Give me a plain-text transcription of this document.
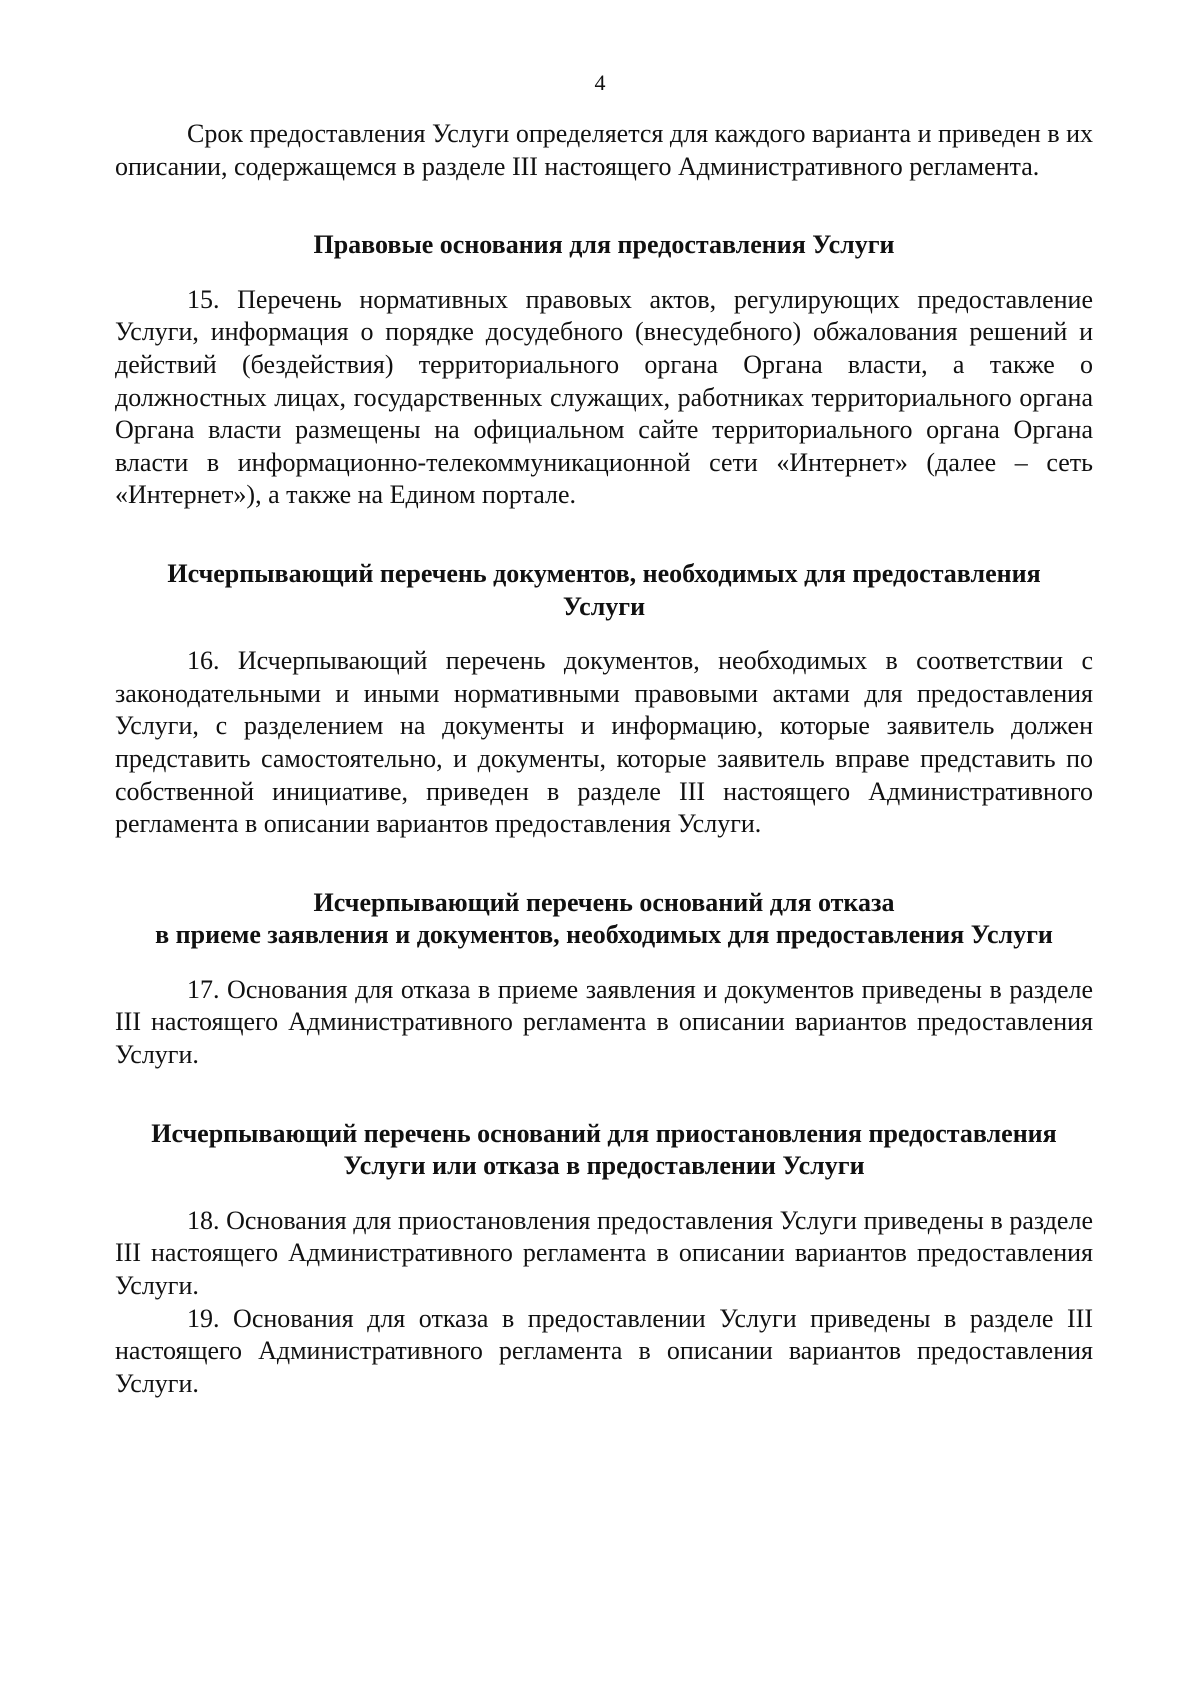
4

Срок предоставления Услуги определяется для каждого варианта и приведен в их описании, содержащемся в разделе III настоящего Административного регламента.

Правовые основания для предоставления Услуги

15. Перечень нормативных правовых актов, регулирующих предоставление Услуги, информация о порядке досудебного (внесудебного) обжалования решений и действий (бездействия) территориального органа Органа власти, а также о должностных лицах, государственных служащих, работниках территориального органа Органа власти размещены на официальном сайте территориального органа Органа власти в информационно-телекоммуникационной сети «Интернет» (далее – сеть «Интернет»), а также на Едином портале.

Исчерпывающий перечень документов, необходимых для предоставления
Услуги

16. Исчерпывающий перечень документов, необходимых в соответствии с законодательными и иными нормативными правовыми актами для предоставления Услуги, с разделением на документы и информацию, которые заявитель должен представить самостоятельно, и документы, которые заявитель вправе представить по собственной инициативе, приведен в разделе III настоящего Административного регламента в описании вариантов предоставления Услуги.

Исчерпывающий перечень оснований для отказа
в приеме заявления и документов, необходимых для предоставления Услуги

17. Основания для отказа в приеме заявления и документов приведены в разделе III настоящего Административного регламента в описании вариантов предоставления Услуги.

Исчерпывающий перечень оснований для приостановления предоставления
Услуги или отказа в предоставлении Услуги

18. Основания для приостановления предоставления Услуги приведены в разделе III настоящего Административного регламента в описании вариантов предоставления Услуги.

19. Основания для отказа в предоставлении Услуги приведены в разделе III настоящего Административного регламента в описании вариантов предоставления Услуги.
